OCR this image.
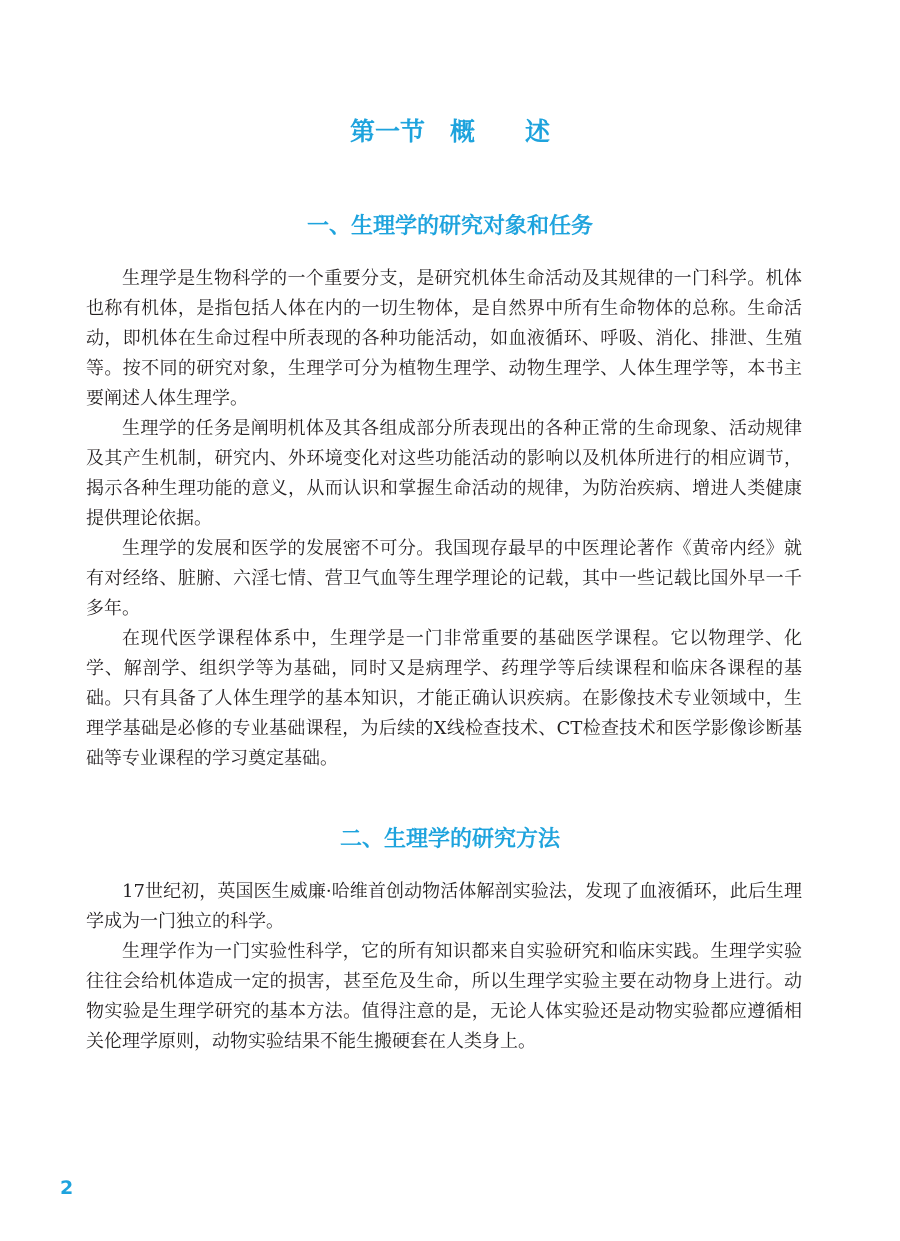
第一节　概　　述
一、生理学的研究对象和任务

生理学是生物科学的一个重要分支，是研究机体生命活动及其规律的一门科学。机体也称有机体，是指包括人体在内的一切生物体，是自然界中所有生命物体的总称。生命活动，即机体在生命过程中所表现的各种功能活动，如血液循环、呼吸、消化、排泄、生殖等。按不同的研究对象，生理学可分为植物生理学、动物生理学、人体生理学等，本书主要阐述人体生理学。

生理学的任务是阐明机体及其各组成部分所表现出的各种正常的生命现象、活动规律及其产生机制，研究内、外环境变化对这些功能活动的影响以及机体所进行的相应调节，揭示各种生理功能的意义，从而认识和掌握生命活动的规律，为防治疾病、增进人类健康提供理论依据。

生理学的发展和医学的发展密不可分。我国现存最早的中医理论著作《黄帝内经》就有对经络、脏腑、六淫七情、营卫气血等生理学理论的记载，其中一些记载比国外早一千多年。

在现代医学课程体系中，生理学是一门非常重要的基础医学课程。它以物理学、化学、解剖学、组织学等为基础，同时又是病理学、药理学等后续课程和临床各课程的基础。只有具备了人体生理学的基本知识，才能正确认识疾病。在影像技术专业领域中，生理学基础是必修的专业基础课程，为后续的X线检查技术、CT检查技术和医学影像诊断基础等专业课程的学习奠定基础。

二、生理学的研究方法

17世纪初，英国医生威廉·哈维首创动物活体解剖实验法，发现了血液循环，此后生理学成为一门独立的科学。

生理学作为一门实验性科学，它的所有知识都来自实验研究和临床实践。生理学实验往往会给机体造成一定的损害，甚至危及生命，所以生理学实验主要在动物身上进行。动物实验是生理学研究的基本方法。值得注意的是，无论人体实验还是动物实验都应遵循相关伦理学原则，动物实验结果不能生搬硬套在人类身上。

2
